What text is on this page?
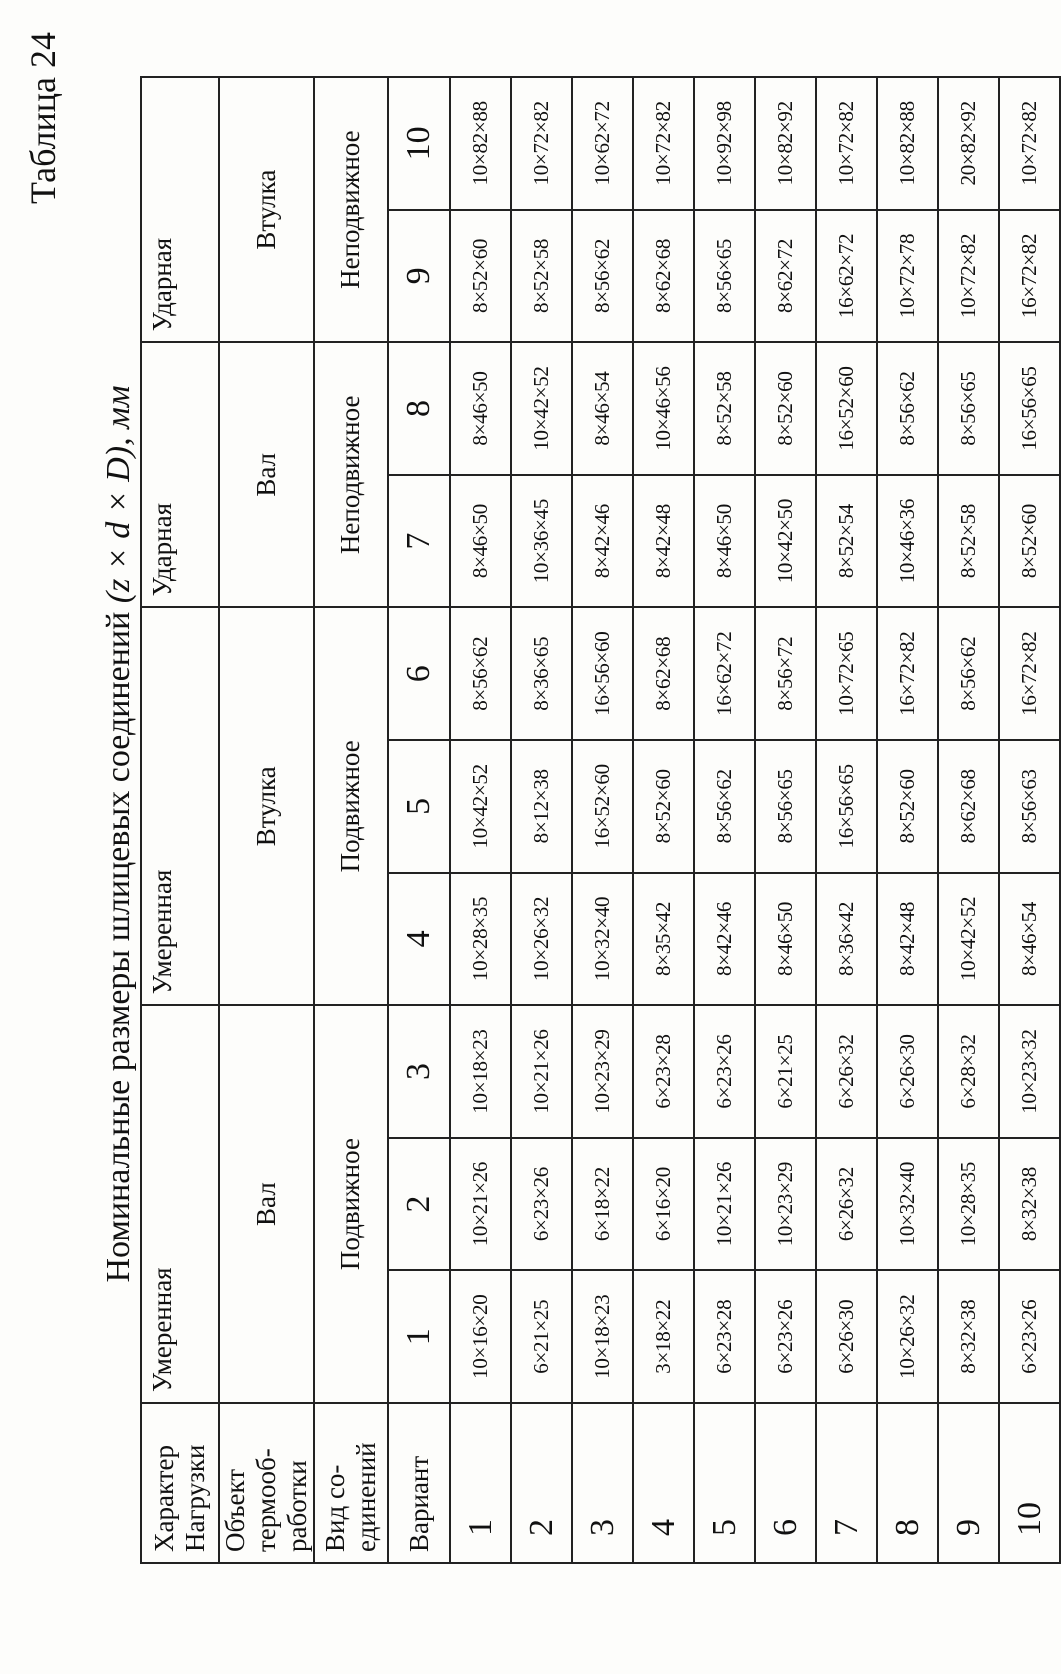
Таблица 24
Номинальные размеры шлицевых соединений (z × d × D), мм
Характер Нагрузки	Умеренная			Умеренная			Ударная		Ударная	
Объект термооб-работки	Вал			Втулка			Вал		Втулка	
Вид со-единений	Подвижное			Подвижное			Неподвижное		Неподвижное	
Вариант	1	2	3	4	5	6	7	8	9	10
1	10×16×20	10×21×26	10×18×23	10×28×35	10×42×52	8×56×62	8×46×50	8×46×50	8×52×60	10×82×88
2	6×21×25	6×23×26	10×21×26	10×26×32	8×12×38	8×36×65	10×36×45	10×42×52	8×52×58	10×72×82
3	10×18×23	6×18×22	10×23×29	10×32×40	16×52×60	16×56×60	8×42×46	8×46×54	8×56×62	10×62×72
4	3×18×22	6×16×20	6×23×28	8×35×42	8×52×60	8×62×68	8×42×48	10×46×56	8×62×68	10×72×82
5	6×23×28	10×21×26	6×23×26	8×42×46	8×56×62	16×62×72	8×46×50	8×52×58	8×56×65	10×92×98
6	6×23×26	10×23×29	6×21×25	8×46×50	8×56×65	8×56×72	10×42×50	8×52×60	8×62×72	10×82×92
7	6×26×30	6×26×32	6×26×32	8×36×42	16×56×65	10×72×65	8×52×54	16×52×60	16×62×72	10×72×82
8	10×26×32	10×32×40	6×26×30	8×42×48	8×52×60	16×72×82	10×46×36	8×56×62	10×72×78	10×82×88
9	8×32×38	10×28×35	6×28×32	10×42×52	8×62×68	8×56×62	8×52×58	8×56×65	10×72×82	20×82×92
10	6×23×26	8×32×38	10×23×32	8×46×54	8×56×63	16×72×82	8×52×60	16×56×65	16×72×82	10×72×82
